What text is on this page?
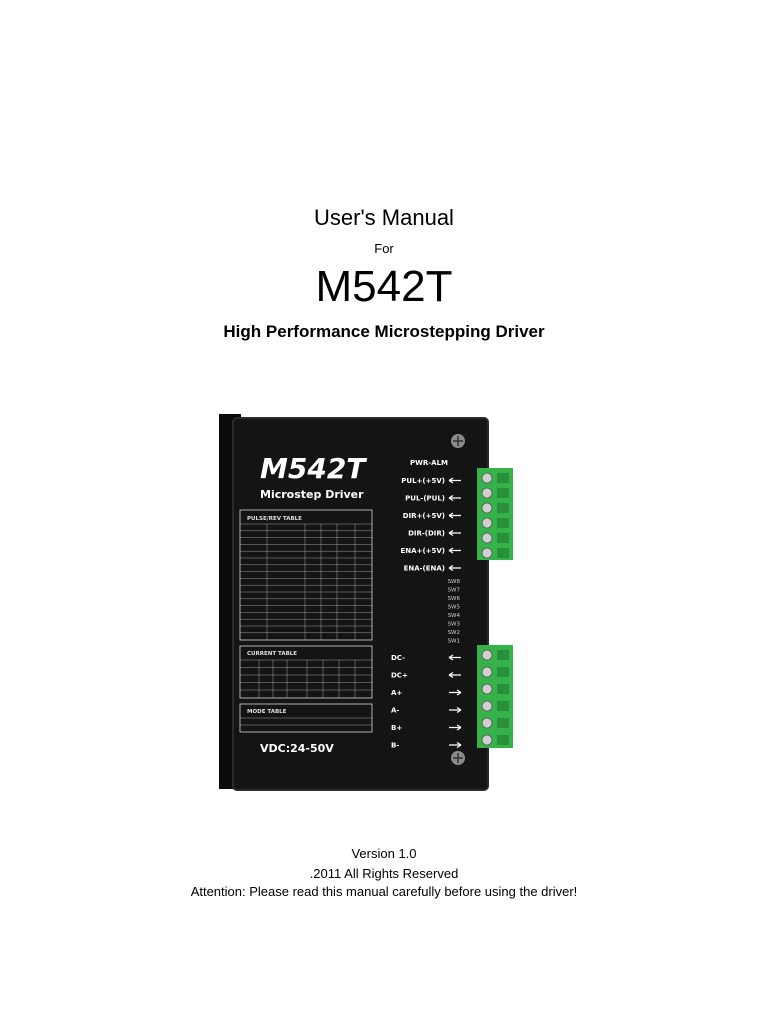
User's Manual
For
M542T
High Performance Microstepping Driver
M542T
Microstep Driver
PWR-ALM
PULSE/REV TABLE
CURRENT TABLE
MODE TABLE
VDC:24-50V
PUL+(+5V)
PUL-(PUL)
DIR+(+5V)
DIR-(DIR)
ENA+(+5V)
ENA-(ENA)
SW8
SW7
SW6
SW5
SW4
SW3
SW2
SW1
DC-
DC+
A+
A-
B+
B-
Version 1.0
.2011 All Rights Reserved
Attention: Please read this manual carefully before using the driver!
